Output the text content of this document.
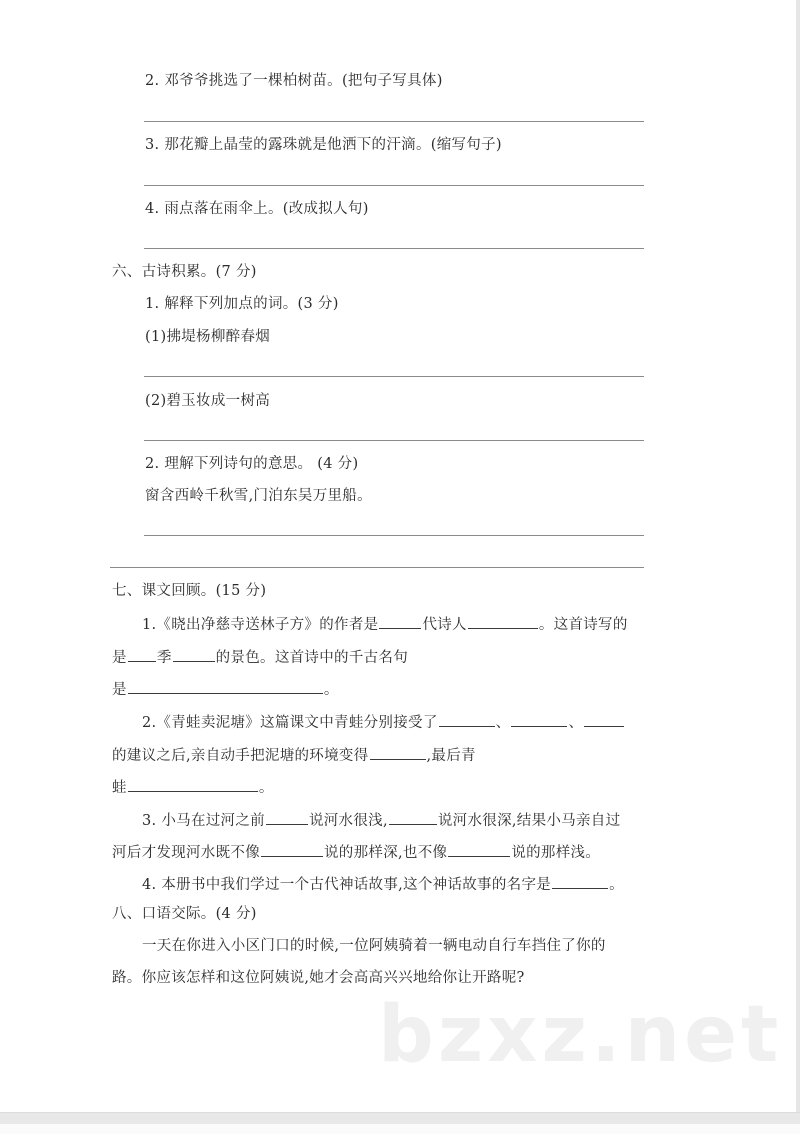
2. 邓爷爷挑选了一棵柏树苗。(把句子写具体)
3. 那花瓣上晶莹的露珠就是他洒下的汗滴。(缩写句子)
4. 雨点落在雨伞上。(改成拟人句)
六、古诗积累。(7 分)
1. 解释下列加点的词。(3 分)
(1)拂堤杨柳醉春烟
(2)碧玉妆成一树高
2. 理解下列诗句的意思。 (4 分)
窗含西岭千秋雪,门泊东吴万里船。
七、课文回顾。(15 分)
1.《晓出净慈寺送林子方》的作者是	代诗人	。这首诗写的
是 季	的景色。这首诗中的千古名句
是	。
2.《青蛙卖泥塘》这篇课文中青蛙分别接受了	、	、
的建议之后,亲自动手把泥塘的环境变得	,最后青
蛙	。
3. 小马在过河之前	说河水很浅,	说河水很深,结果小马亲自过
河后才发现河水既不像	说的那样深,也不像	说的那样浅。
4. 本册书中我们学过一个古代神话故事,这个神话故事的名字是	。
八、口语交际。(4 分)
一天在你进入小区门口的时候,一位阿姨骑着一辆电动自行车挡住了你的
路。你应该怎样和这位阿姨说,她才会高高兴兴地给你让开路呢?
bzxz.net
